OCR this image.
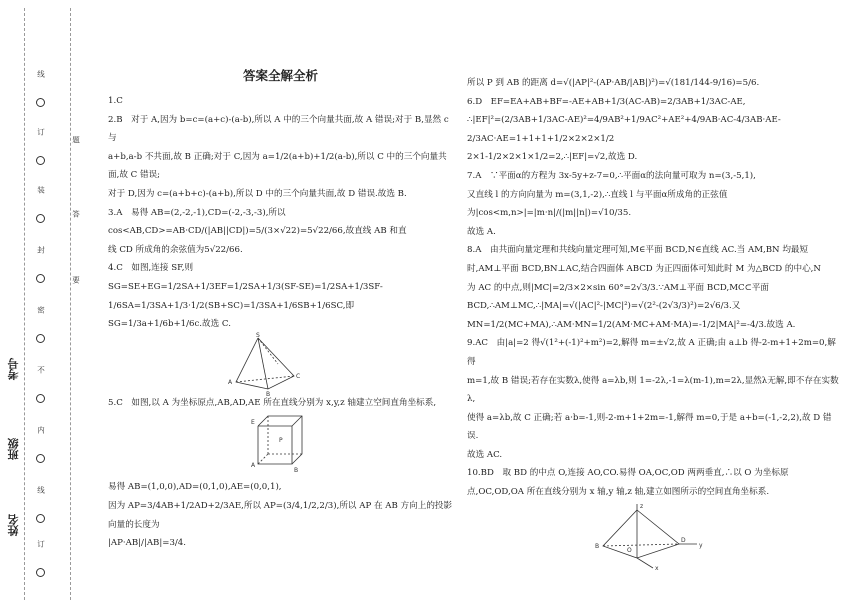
线
订
装
封
密
不
内
线
订
题
答
要
考号
班级
姓名
答案全解全析

1.C

2.B　对于 A,因为 b=c=(a+c)-(a-b),所以 A 中的三个向量共面,故 A 错误;对于 B,显然 c 与

a+b,a-b 不共面,故 B 正确;对于 C,因为 a=1/2(a+b)+1/2(a-b),所以 C 中的三个向量共面,故 C 错误;

对于 D,因为 c=(a+b+c)-(a+b),所以 D 中的三个向量共面,故 D 错误.故选 B.

3.A　易得 AB=(2,-2,-1),CD=(-2,-3,-3),所以 cos<AB,CD>=AB·CD/(|AB||CD|)=5/(3×√22)=5√22/66,故直线 AB 和直

线 CD 所成角的余弦值为5√22/66.

4.C　如图,连接 SF,则

SG=SE+EG=1/2SA+1/3EF=1/2SA+1/3(SF-SE)=1/2SA+1/3SF-1/6SA=1/3SA+1/3·1/2(SB+SC)=1/3SA+1/6SB+1/6SC,即

SG=1/3a+1/6b+1/6c.故选 C.

S
A
B
C

5.C　如图,以 A 为坐标原点,AB,AD,AE 所在直线分别为 x,y,z 轴建立空间直角坐标系,

E
A
B
P

易得 AB=(1,0,0),AD=(0,1,0),AE=(0,0,1),

因为 AP=3/4AB+1/2AD+2/3AE,所以 AP=(3/4,1/2,2/3),所以 AP 在 AB 方向上的投影向量的长度为

|AP·AB|/|AB|=3/4.

所以 P 到 AB 的距离 d=√(|AP|²-(AP·AB/|AB|)²)=√(181/144-9/16)=5/6.

6.D　EF=EA+AB+BF=-AE+AB+1/3(AC-AB)=2/3AB+1/3AC-AE,

∴|EF|²=(2/3AB+1/3AC-AE)²=4/9AB²+1/9AC²+AE²+4/9AB·AC-4/3AB·AE-2/3AC·AE=1+1+1+1/2×2×2×1/2

2×1-1/2×2×1×1/2=2,∴|EF|=√2,故选 D.

7.A　∵平面α的方程为 3x-5y+z-7=0,∴平面α的法向量可取为 n=(3,-5,1),

又直线 l 的方向向量为 m=(3,1,-2),∴直线 l 与平面α所成角的正弦值为|cos<m,n>|=|m·n|/(|m||n|)=√10/35.

故选 A.

8.A　由共面向量定理和共线向量定理可知,M∈平面 BCD,N∈直线 AC.当 AM,BN 均最短

时,AM⊥平面 BCD,BN⊥AC,结合四面体 ABCD 为正四面体可知此时 M 为△BCD 的中心,N

为 AC 的中点,则|MC|=2/3×2×sin 60°=2√3/3.∵AM⊥平面 BCD,MC⊂平面

BCD,∴AM⊥MC,∴|MA|=√(|AC|²-|MC|²)=√(2²-(2√3/3)²)=2√6/3.又

MN=1/2(MC+MA),∴AM·MN=1/2(AM·MC+AM·MA)=-1/2|MA|²=-4/3.故选 A.

9.AC　由|a|=2 得√(1²+(-1)²+m²)=2,解得 m=±√2,故 A 正确;由 a⊥b 得-2-m+1+2m=0,解得

m=1,故 B 错误;若存在实数λ,使得 a=λb,则 1=-2λ,-1=λ(m-1),m=2λ,显然λ无解,即不存在实数λ,

使得 a=λb,故 C 正确;若 a·b=-1,则-2-m+1+2m=-1,解得 m=0,于是 a+b=(-1,-2,2),故 D 错误.

故选 AC.

10.BD　取 BD 的中点 O,连接 AO,CO.易得 OA,OC,OD 两两垂直,∴以 O 为坐标原

点,OC,OD,OA 所在直线分别为 x 轴,y 轴,z 轴,建立如图所示的空间直角坐标系.

z
B
O
D
y
x
